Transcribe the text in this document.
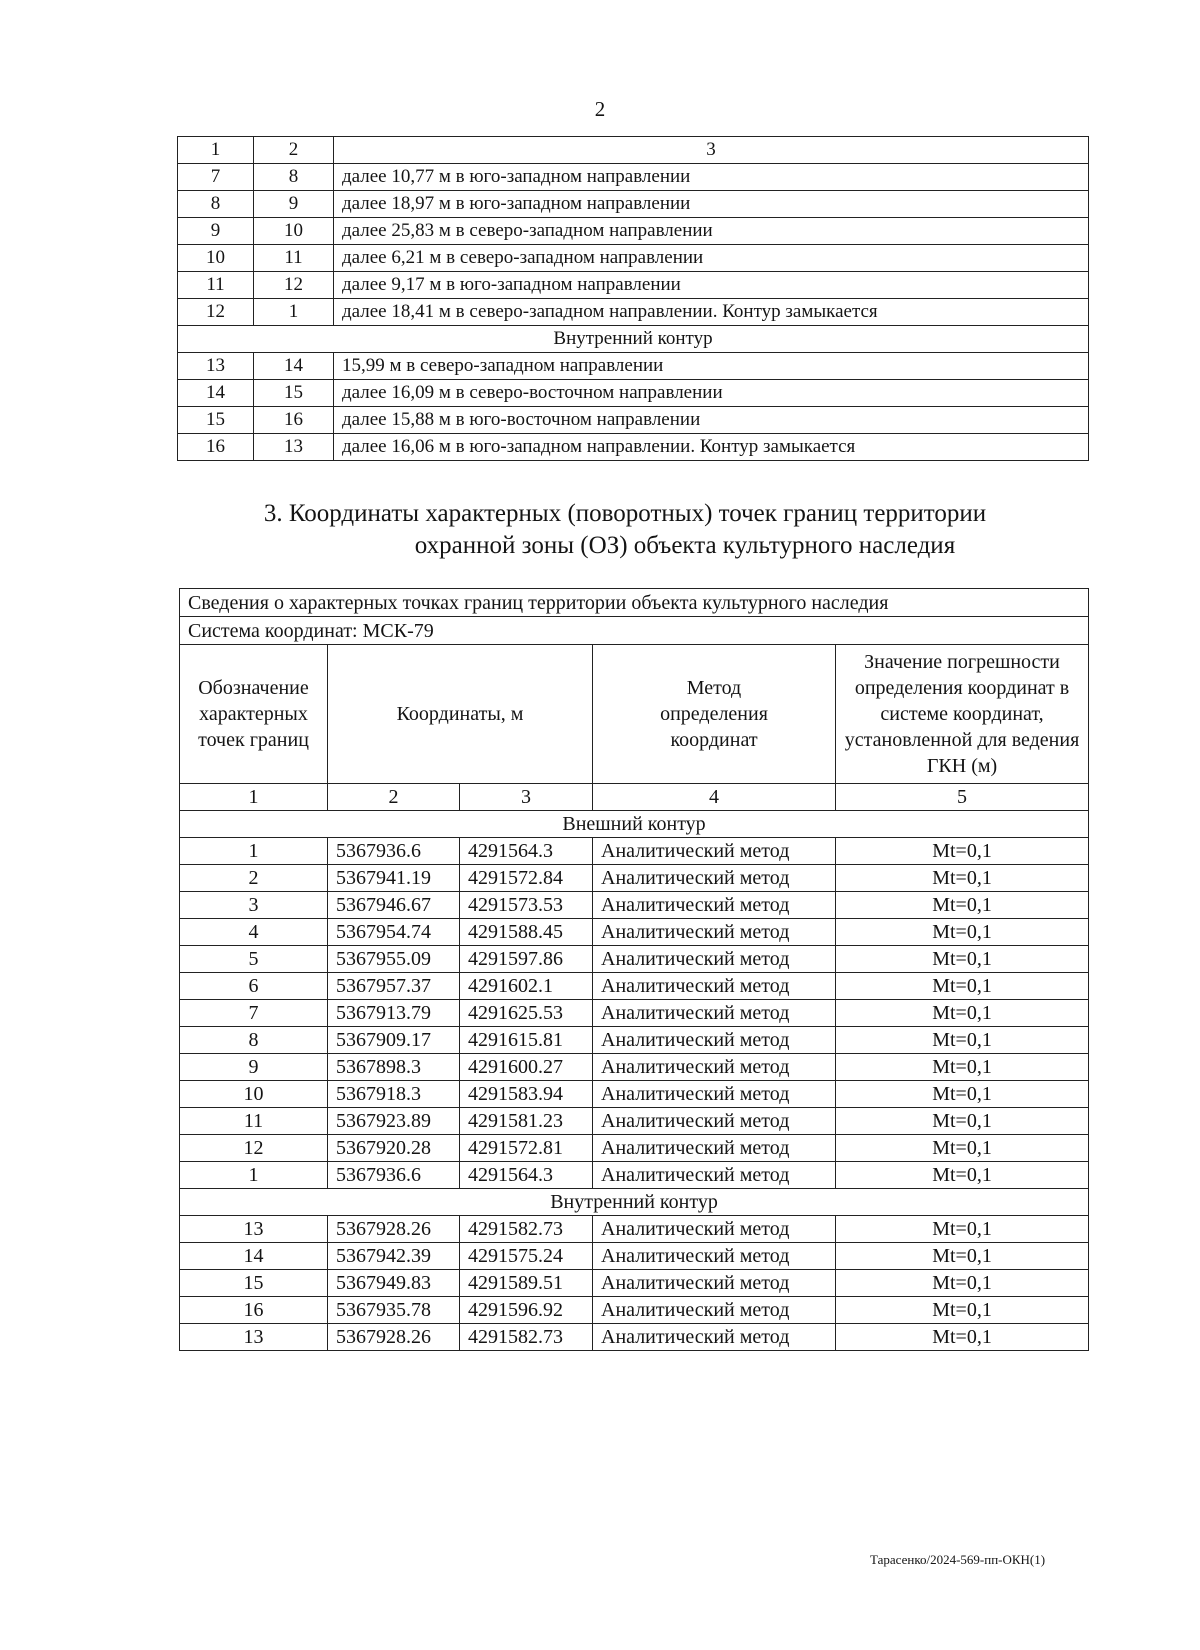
2
1	2	3
7	8	далее 10,77 м в юго-западном направлении
8	9	далее 18,97 м в юго-западном направлении
9	10	далее 25,83 м в северо-западном направлении
10	11	далее 6,21 м в северо-западном направлении
11	12	далее 9,17 м в юго-западном направлении
12	1	далее 18,41 м в северо-западном направлении. Контур замыкается
Внутренний контур		
13	14	15,99 м в северо-западном направлении
14	15	далее 16,09 м в северо-восточном направлении
15	16	далее 15,88 м в юго-восточном направлении
16	13	далее 16,06 м в юго-западном направлении. Контур замыкается
3. Координаты характерных (поворотных) точек границ территории
охранной зоны (ОЗ) объекта культурного наследия
Сведения о характерных точках границ территории объекта культурного наследия				
Система координат: МСК-79				
Обозначение характерных точек границ	Координаты, м		Метод определения координат	Значение погрешности определения координат в системе координат, установленной для ведения ГКН (м)
1	2	3	4	5
Внешний контур				
1	5367936.6	4291564.3	Аналитический метод	Mt=0,1
2	5367941.19	4291572.84	Аналитический метод	Mt=0,1
3	5367946.67	4291573.53	Аналитический метод	Mt=0,1
4	5367954.74	4291588.45	Аналитический метод	Mt=0,1
5	5367955.09	4291597.86	Аналитический метод	Mt=0,1
6	5367957.37	4291602.1	Аналитический метод	Mt=0,1
7	5367913.79	4291625.53	Аналитический метод	Mt=0,1
8	5367909.17	4291615.81	Аналитический метод	Mt=0,1
9	5367898.3	4291600.27	Аналитический метод	Mt=0,1
10	5367918.3	4291583.94	Аналитический метод	Mt=0,1
11	5367923.89	4291581.23	Аналитический метод	Mt=0,1
12	5367920.28	4291572.81	Аналитический метод	Mt=0,1
1	5367936.6	4291564.3	Аналитический метод	Mt=0,1
Внутренний контур				
13	5367928.26	4291582.73	Аналитический метод	Mt=0,1
14	5367942.39	4291575.24	Аналитический метод	Mt=0,1
15	5367949.83	4291589.51	Аналитический метод	Mt=0,1
16	5367935.78	4291596.92	Аналитический метод	Mt=0,1
13	5367928.26	4291582.73	Аналитический метод	Mt=0,1
Тарасенко/2024-569-пп-ОКН(1)
